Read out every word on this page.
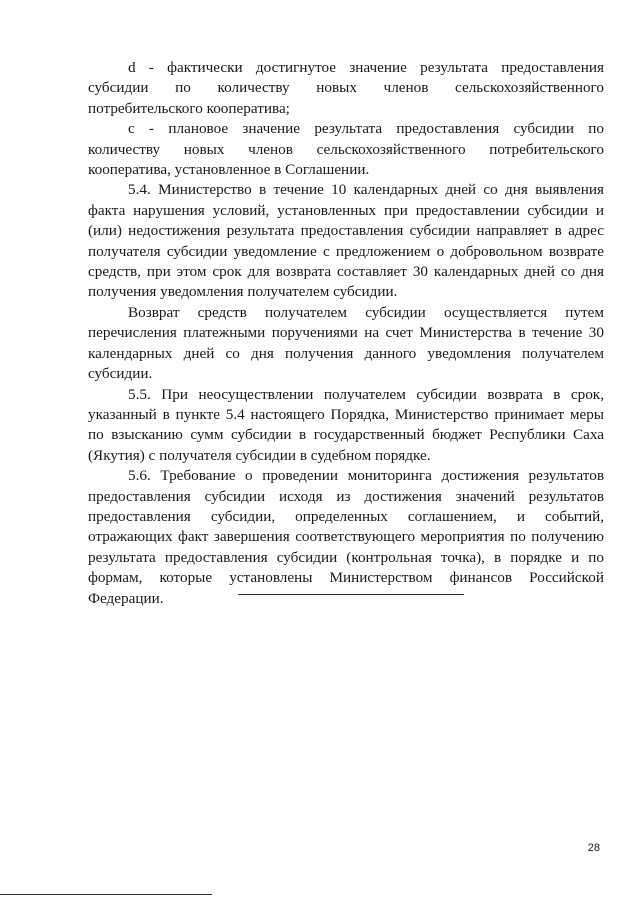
d - фактически достигнутое значение результата предоставления субсидии по количеству новых членов сельскохозяйственного потребительского кооператива;

c - плановое значение результата предоставления субсидии по количеству новых членов сельскохозяйственного потребительского кооператива, установленное в Соглашении.

5.4. Министерство в течение 10 календарных дней со дня выявления факта нарушения условий, установленных при предоставлении субсидии и (или) недостижения результата предоставления субсидии направляет в адрес получателя субсидии уведомление с предложением о добровольном возврате средств, при этом срок для возврата составляет 30 календарных дней со дня получения уведомления получателем субсидии.

Возврат средств получателем субсидии осуществляется путем перечисления платежными поручениями на счет Министерства в течение 30 календарных дней со дня получения данного уведомления получателем субсидии.

5.5. При неосуществлении получателем субсидии возврата в срок, указанный в пункте 5.4 настоящего Порядка, Министерство принимает меры по взысканию сумм субсидии в государственный бюджет Республики Саха (Якутия) с получателя субсидии в судебном порядке.

5.6. Требование о проведении мониторинга достижения результатов предоставления субсидии исходя из достижения значений результатов предоставления субсидии, определенных соглашением, и событий, отражающих факт завершения соответствующего мероприятия по получению результата предоставления субсидии (контрольная точка), в порядке и по формам, которые установлены Министерством финансов Российской Федерации.

28
